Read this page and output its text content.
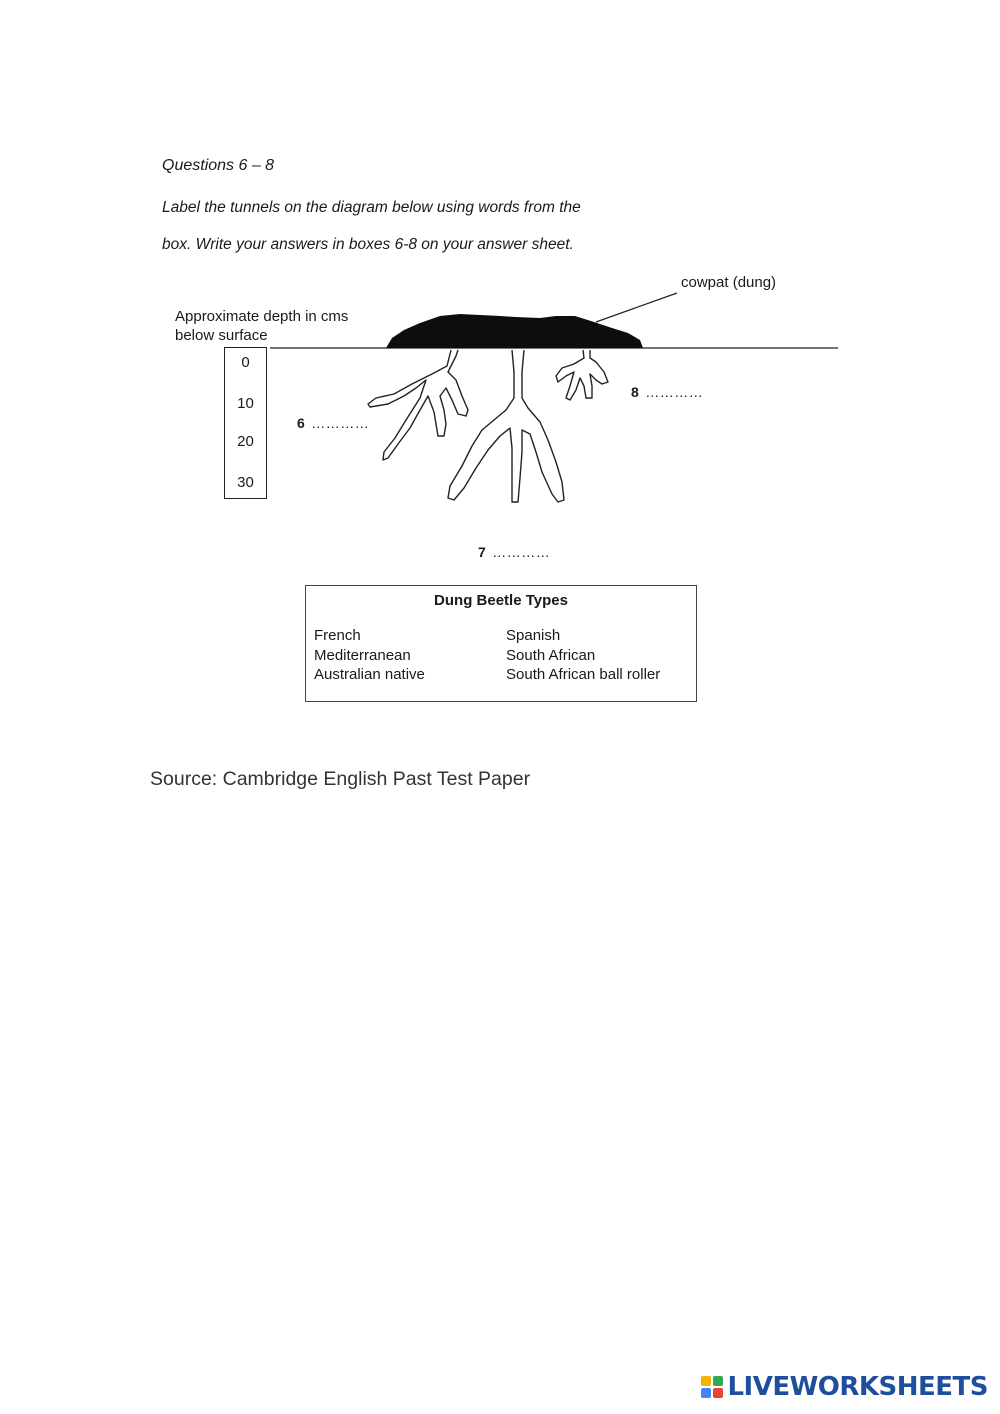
Questions 6 – 8
Label the tunnels on the diagram below using words from the
box. Write your answers in boxes 6-8 on your answer sheet.
cowpat (dung)
Approximate depth in cms below surface
0
10
20
30
6 …………
7 …………
8 …………
Dung Beetle Types
French
Mediterranean
Australian native
Spanish
South African
South African ball roller
Source: Cambridge English Past Test Paper
LIVEWORKSHEETS
